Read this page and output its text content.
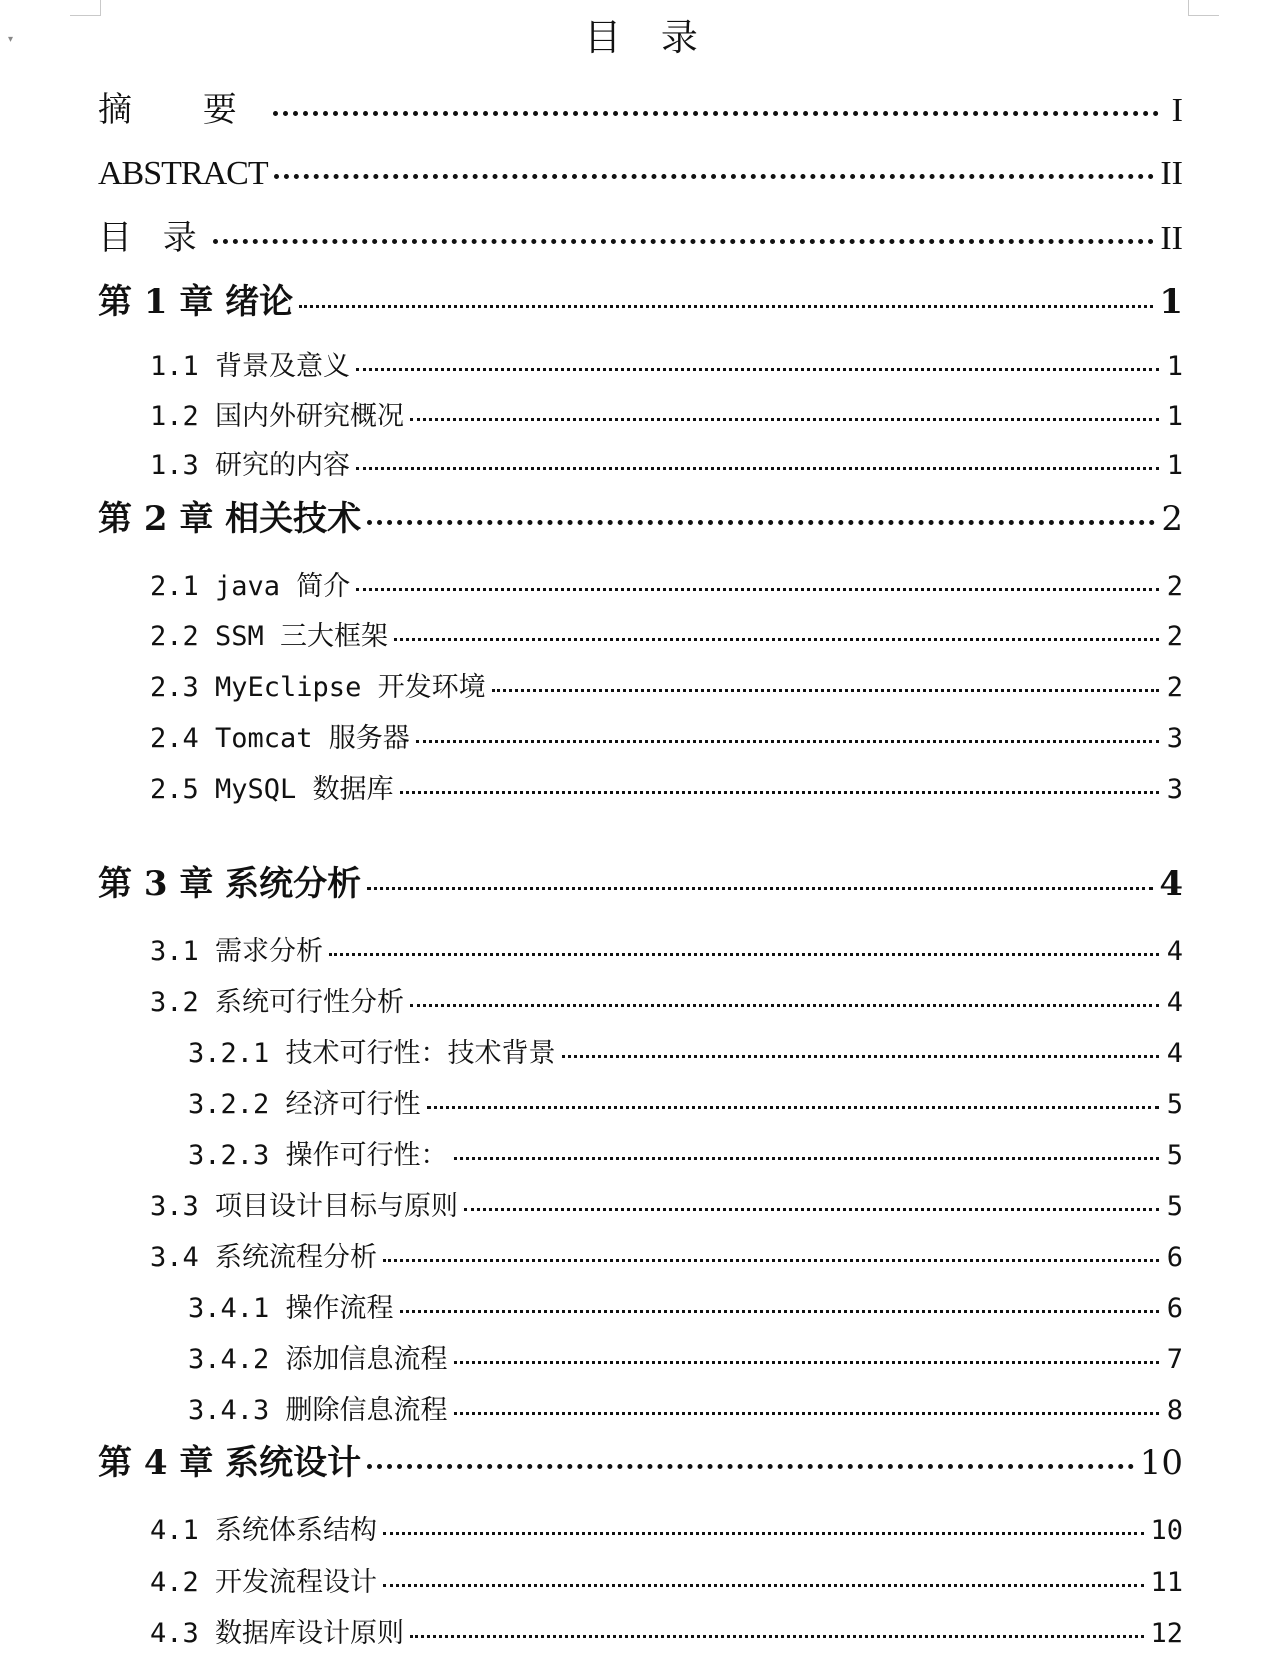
▾	目 录
摘 要	I
ABSTRACT	II
目 录	II
第 1 章 绪论	1
1.1 背景及意义	1
1.2 国内外研究概况	1
1.3 研究的内容	1
第 2 章 相关技术	2
2.1 java 简介	2
2.2 SSM 三大框架	2
2.3 MyEclipse 开发环境	2
2.4 Tomcat 服务器	3
2.5 MySQL 数据库	3
第 3 章 系统分析	4
3.1 需求分析	4
3.2 系统可行性分析	4
3.2.1 技术可行性：技术背景	4
3.2.2 经济可行性	5
3.2.3 操作可行性：	5
3.3 项目设计目标与原则	5
3.4 系统流程分析	6
3.4.1 操作流程	6
3.4.2 添加信息流程	7
3.4.3 删除信息流程	8
第 4 章 系统设计	10
4.1 系统体系结构	10
4.2 开发流程设计	11
4.3 数据库设计原则	12
